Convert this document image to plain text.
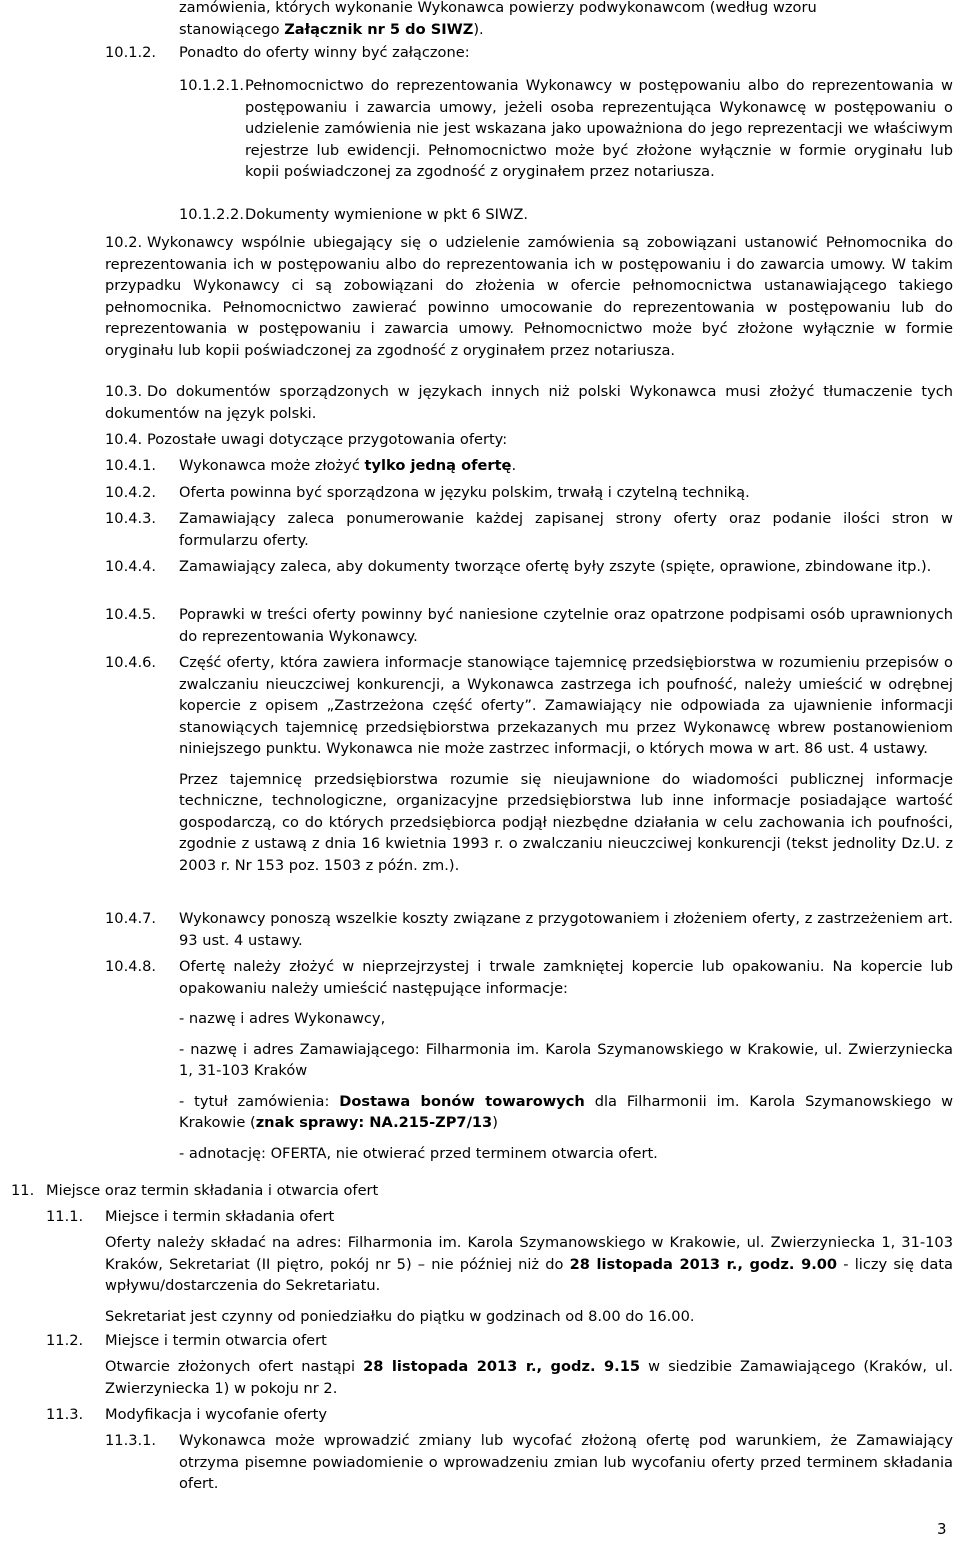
zamówienia, których wykonanie Wykonawca powierzy podwykonawcom (według wzoru

stanowiącego Załącznik nr 5 do SIWZ).

10.1.2. Ponadto do oferty winny być załączone:
10.1.2.1. Pełnomocnictwo do reprezentowania Wykonawcy w postępowaniu albo do reprezentowania w postępowaniu i zawarcia umowy, jeżeli osoba reprezentująca Wykonawcę w postępowaniu o udzielenie zamówienia nie jest wskazana jako upoważniona do jego reprezentacji we właściwym rejestrze lub ewidencji. Pełnomocnictwo może być złożone wyłącznie w formie oryginału lub kopii poświadczonej za zgodność z oryginałem przez notariusza.

10.1.2.2. Dokumenty wymienione w pkt 6 SIWZ.
10.2. Wykonawcy wspólnie ubiegający się o udzielenie zamówienia są zobowiązani ustanowić Pełnomocnika do reprezentowania ich w postępowaniu albo do reprezentowania ich w postępowaniu i do zawarcia umowy. W takim przypadku Wykonawcy ci są zobowiązani do złożenia w ofercie pełnomocnictwa ustanawiającego takiego pełnomocnika. Pełnomocnictwo zawierać powinno umocowanie do reprezentowania w postępowaniu lub do reprezentowania w postępowaniu i zawarcia umowy. Pełnomocnictwo może być złożone wyłącznie w formie oryginału lub kopii poświadczonej za zgodność z oryginałem przez notariusza.

10.3. Do dokumentów sporządzonych w językach innych niż polski Wykonawca musi złożyć tłumaczenie tych dokumentów na język polski.

10.4. Pozostałe uwagi dotyczące przygotowania oferty:
10.4.1. Wykonawca może złożyć tylko jedną ofertę.
10.4.2. Oferta powinna być sporządzona w języku polskim, trwałą i czytelną techniką.
10.4.3. Zamawiający zaleca ponumerowanie każdej zapisanej strony oferty oraz podanie ilości stron w formularzu oferty.

10.4.4. Zamawiający zaleca, aby dokumenty tworzące ofertę były zszyte (spięte, oprawione, zbindowane itp.).

10.4.5. Poprawki w treści oferty powinny być naniesione czytelnie oraz opatrzone podpisami osób uprawnionych do reprezentowania Wykonawcy.

10.4.6. Część oferty, która zawiera informacje stanowiące tajemnicę przedsiębiorstwa w rozumieniu przepisów o zwalczaniu nieuczciwej konkurencji, a Wykonawca zastrzega ich poufność, należy umieścić w odrębnej kopercie z opisem „Zastrzeżona część oferty”. Zamawiający nie odpowiada za ujawnienie informacji stanowiących tajemnicę przedsiębiorstwa przekazanych mu przez Wykonawcę wbrew postanowieniom niniejszego punktu. Wykonawca nie może zastrzec informacji, o których mowa w art. 86 ust. 4 ustawy.

Przez tajemnicę przedsiębiorstwa rozumie się nieujawnione do wiadomości publicznej informacje techniczne, technologiczne, organizacyjne przedsiębiorstwa lub inne informacje posiadające wartość gospodarczą, co do których przedsiębiorca podjął niezbędne działania w celu zachowania ich poufności, zgodnie z ustawą z dnia 16 kwietnia 1993 r. o zwalczaniu nieuczciwej konkurencji (tekst jednolity Dz.U. z 2003 r. Nr 153 poz. 1503 z późn. zm.).

10.4.7. Wykonawcy ponoszą wszelkie koszty związane z przygotowaniem i złożeniem oferty, z zastrzeżeniem art. 93 ust. 4 ustawy.

10.4.8. Ofertę należy złożyć w nieprzejrzystej i trwale zamkniętej kopercie lub opakowaniu. Na kopercie lub opakowaniu należy umieścić następujące informacje:

- nazwę i adres Wykonawcy,

- nazwę i adres Zamawiającego: Filharmonia im. Karola Szymanowskiego w Krakowie, ul. Zwierzyniecka 1, 31-103 Kraków

- tytuł zamówienia: Dostawa bonów towarowych dla Filharmonii im. Karola Szymanowskiego w Krakowie (znak sprawy: NA.215-ZP7/13)

- adnotację: OFERTA, nie otwierać przed terminem otwarcia ofert.

11. Miejsce oraz termin składania i otwarcia ofert
11.1. Miejsce i termin składania ofert

Oferty należy składać na adres: Filharmonia im. Karola Szymanowskiego w Krakowie, ul. Zwierzyniecka 1, 31-103 Kraków, Sekretariat (II piętro, pokój nr 5) – nie później niż do 28 listopada 2013 r., godz. 9.00 - liczy się data wpływu/dostarczenia do Sekretariatu.

Sekretariat jest czynny od poniedziałku do piątku w godzinach od 8.00 do 16.00.

11.2. Miejsce i termin otwarcia ofert

Otwarcie złożonych ofert nastąpi 28 listopada 2013 r., godz. 9.15 w siedzibie Zamawiającego (Kraków, ul. Zwierzyniecka 1) w pokoju nr 2.

11.3. Modyfikacja i wycofanie oferty
11.3.1. Wykonawca może wprowadzić zmiany lub wycofać złożoną ofertę pod warunkiem, że Zamawiający otrzyma pisemne powiadomienie o wprowadzeniu zmian lub wycofaniu oferty przed terminem składania ofert.

3
